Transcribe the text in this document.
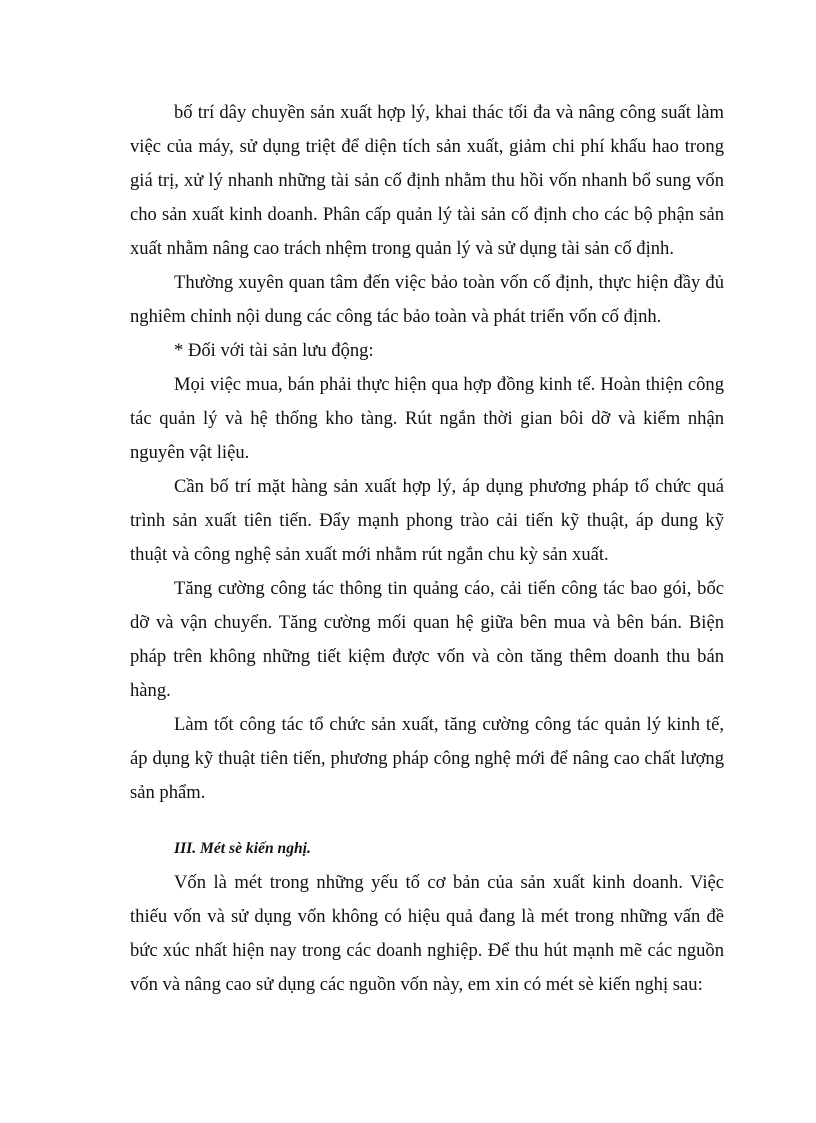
bố trí dây chuyền sản xuất hợp lý, khai thác tối đa và nâng công suất làm việc của máy, sử dụng triệt để diện tích sản xuất, giảm chi phí khấu hao trong giá trị, xử lý nhanh những tài sản cố định nhằm thu hồi vốn nhanh bổ sung vốn cho sản xuất kinh doanh. Phân cấp quản lý tài sản cố định cho các bộ phận sản xuất nhằm nâng cao trách nhệm trong quản lý và sử dụng tài sản cố định.

Thường xuyên quan tâm đến việc bảo toàn vốn cố định, thực hiện đầy đủ nghiêm chỉnh nội dung các công tác bảo toàn và phát triển vốn cố định.

* Đối với tài sản lưu động:

Mọi việc mua, bán phải thực hiện qua hợp đồng kinh tế. Hoàn thiện công tác quản lý và hệ thống kho tàng. Rút ngắn thời gian bôi dỡ và kiểm nhận nguyên vật liệu.

Cần bố trí mặt hàng sản xuất hợp lý, áp dụng phương pháp tổ chức quá trình sản xuất tiên tiến. Đẩy mạnh phong trào cải tiến kỹ thuật, áp dung kỹ thuật và công nghệ sản xuất mới nhằm rút ngắn chu kỳ sản xuất.

Tăng cường công tác thông tin quảng cáo, cải tiến công tác bao gói, bốc dỡ và vận chuyển. Tăng cường mối quan hệ giữa bên mua và bên bán. Biện pháp trên không những tiết kiệm được vốn và còn tăng thêm doanh thu bán hàng.

Làm tốt công tác tổ chức sản xuất, tăng cường công tác quản lý kinh tế, áp dụng kỹ thuật tiên tiến, phương pháp công nghệ mới để nâng cao chất lượng sản phẩm.

III. Mét sè kiến nghị.

Vốn là mét trong những yếu tố cơ bản của sản xuất kinh doanh. Việc thiếu vốn và sử dụng vốn không có hiệu quả đang là mét trong những vấn đề bức xúc nhất hiện nay trong các doanh nghiệp. Để thu hút mạnh mẽ các nguồn vốn và nâng cao sử dụng các nguồn vốn này, em xin có mét sè kiến nghị sau:
